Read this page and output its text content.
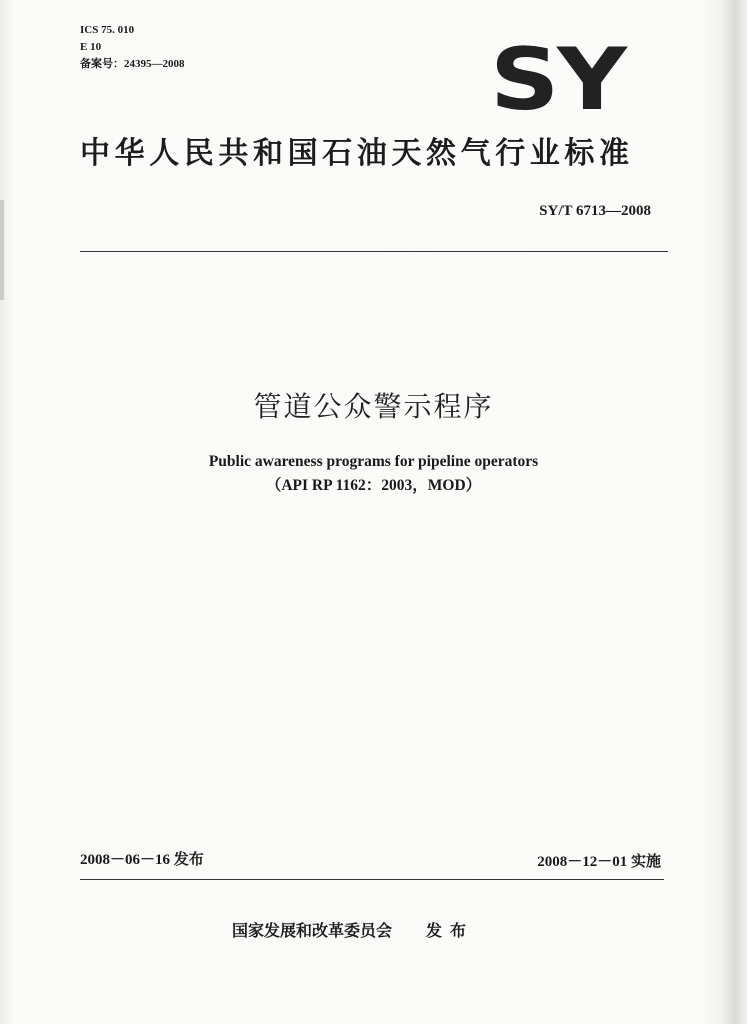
ICS 75. 010
E 10
备案号：24395—2008	SY
中华人民共和国石油天然气行业标准
SY/T 6713—2008
管道公众警示程序
Public awareness programs for pipeline operators
（API RP 1162：2003，MOD）
2008－06－16 发布	2008－12－01 实施
国家发展和改革委员会 发布
